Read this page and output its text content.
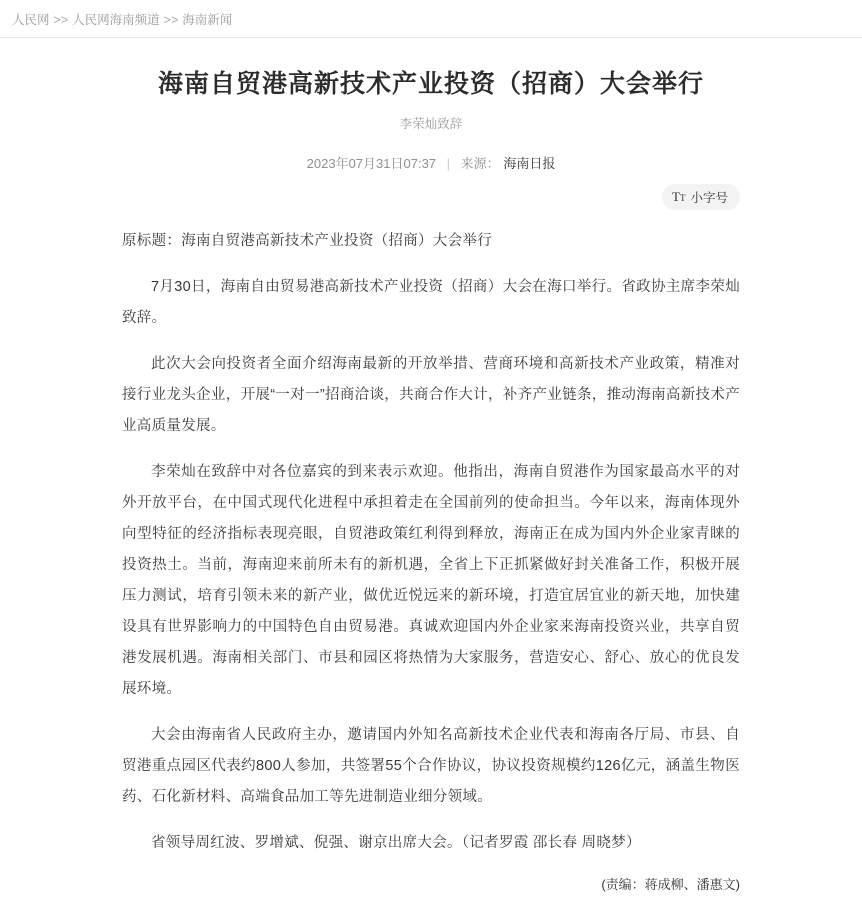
人民网 >> 人民网海南频道 >> 海南新闻
海南自贸港高新技术产业投资（招商）大会举行
李荣灿致辞
2023年07月31日07:37 | 来源： 海南日报
T T 小字号

原标题：海南自贸港高新技术产业投资（招商）大会举行

7月30日，海南自由贸易港高新技术产业投资（招商）大会在海口举行。省政协主席李荣灿致辞。

此次大会向投资者全面介绍海南最新的开放举措、营商环境和高新技术产业政策，精准对接行业龙头企业，开展“一对一”招商洽谈，共商合作大计，补齐产业链条，推动海南高新技术产业高质量发展。

李荣灿在致辞中对各位嘉宾的到来表示欢迎。他指出，海南自贸港作为国家最高水平的对外开放平台，在中国式现代化进程中承担着走在全国前列的使命担当。今年以来，海南体现外向型特征的经济指标表现亮眼，自贸港政策红利得到释放，海南正在成为国内外企业家青睐的投资热土。当前，海南迎来前所未有的新机遇，全省上下正抓紧做好封关准备工作，积极开展压力测试，培育引领未来的新产业，做优近悦远来的新环境，打造宜居宜业的新天地，加快建设具有世界影响力的中国特色自由贸易港。真诚欢迎国内外企业家来海南投资兴业，共享自贸港发展机遇。海南相关部门、市县和园区将热情为大家服务，营造安心、舒心、放心的优良发展环境。

大会由海南省人民政府主办，邀请国内外知名高新技术企业代表和海南各厅局、市县、自贸港重点园区代表约800人参加，共签署55个合作协议，协议投资规模约126亿元，涵盖生物医药、石化新材料、高端食品加工等先进制造业细分领域。

省领导周红波、罗增斌、倪强、谢京出席大会。（记者罗霞 邵长春 周晓梦）

(责编：蒋成柳、潘惠文)
